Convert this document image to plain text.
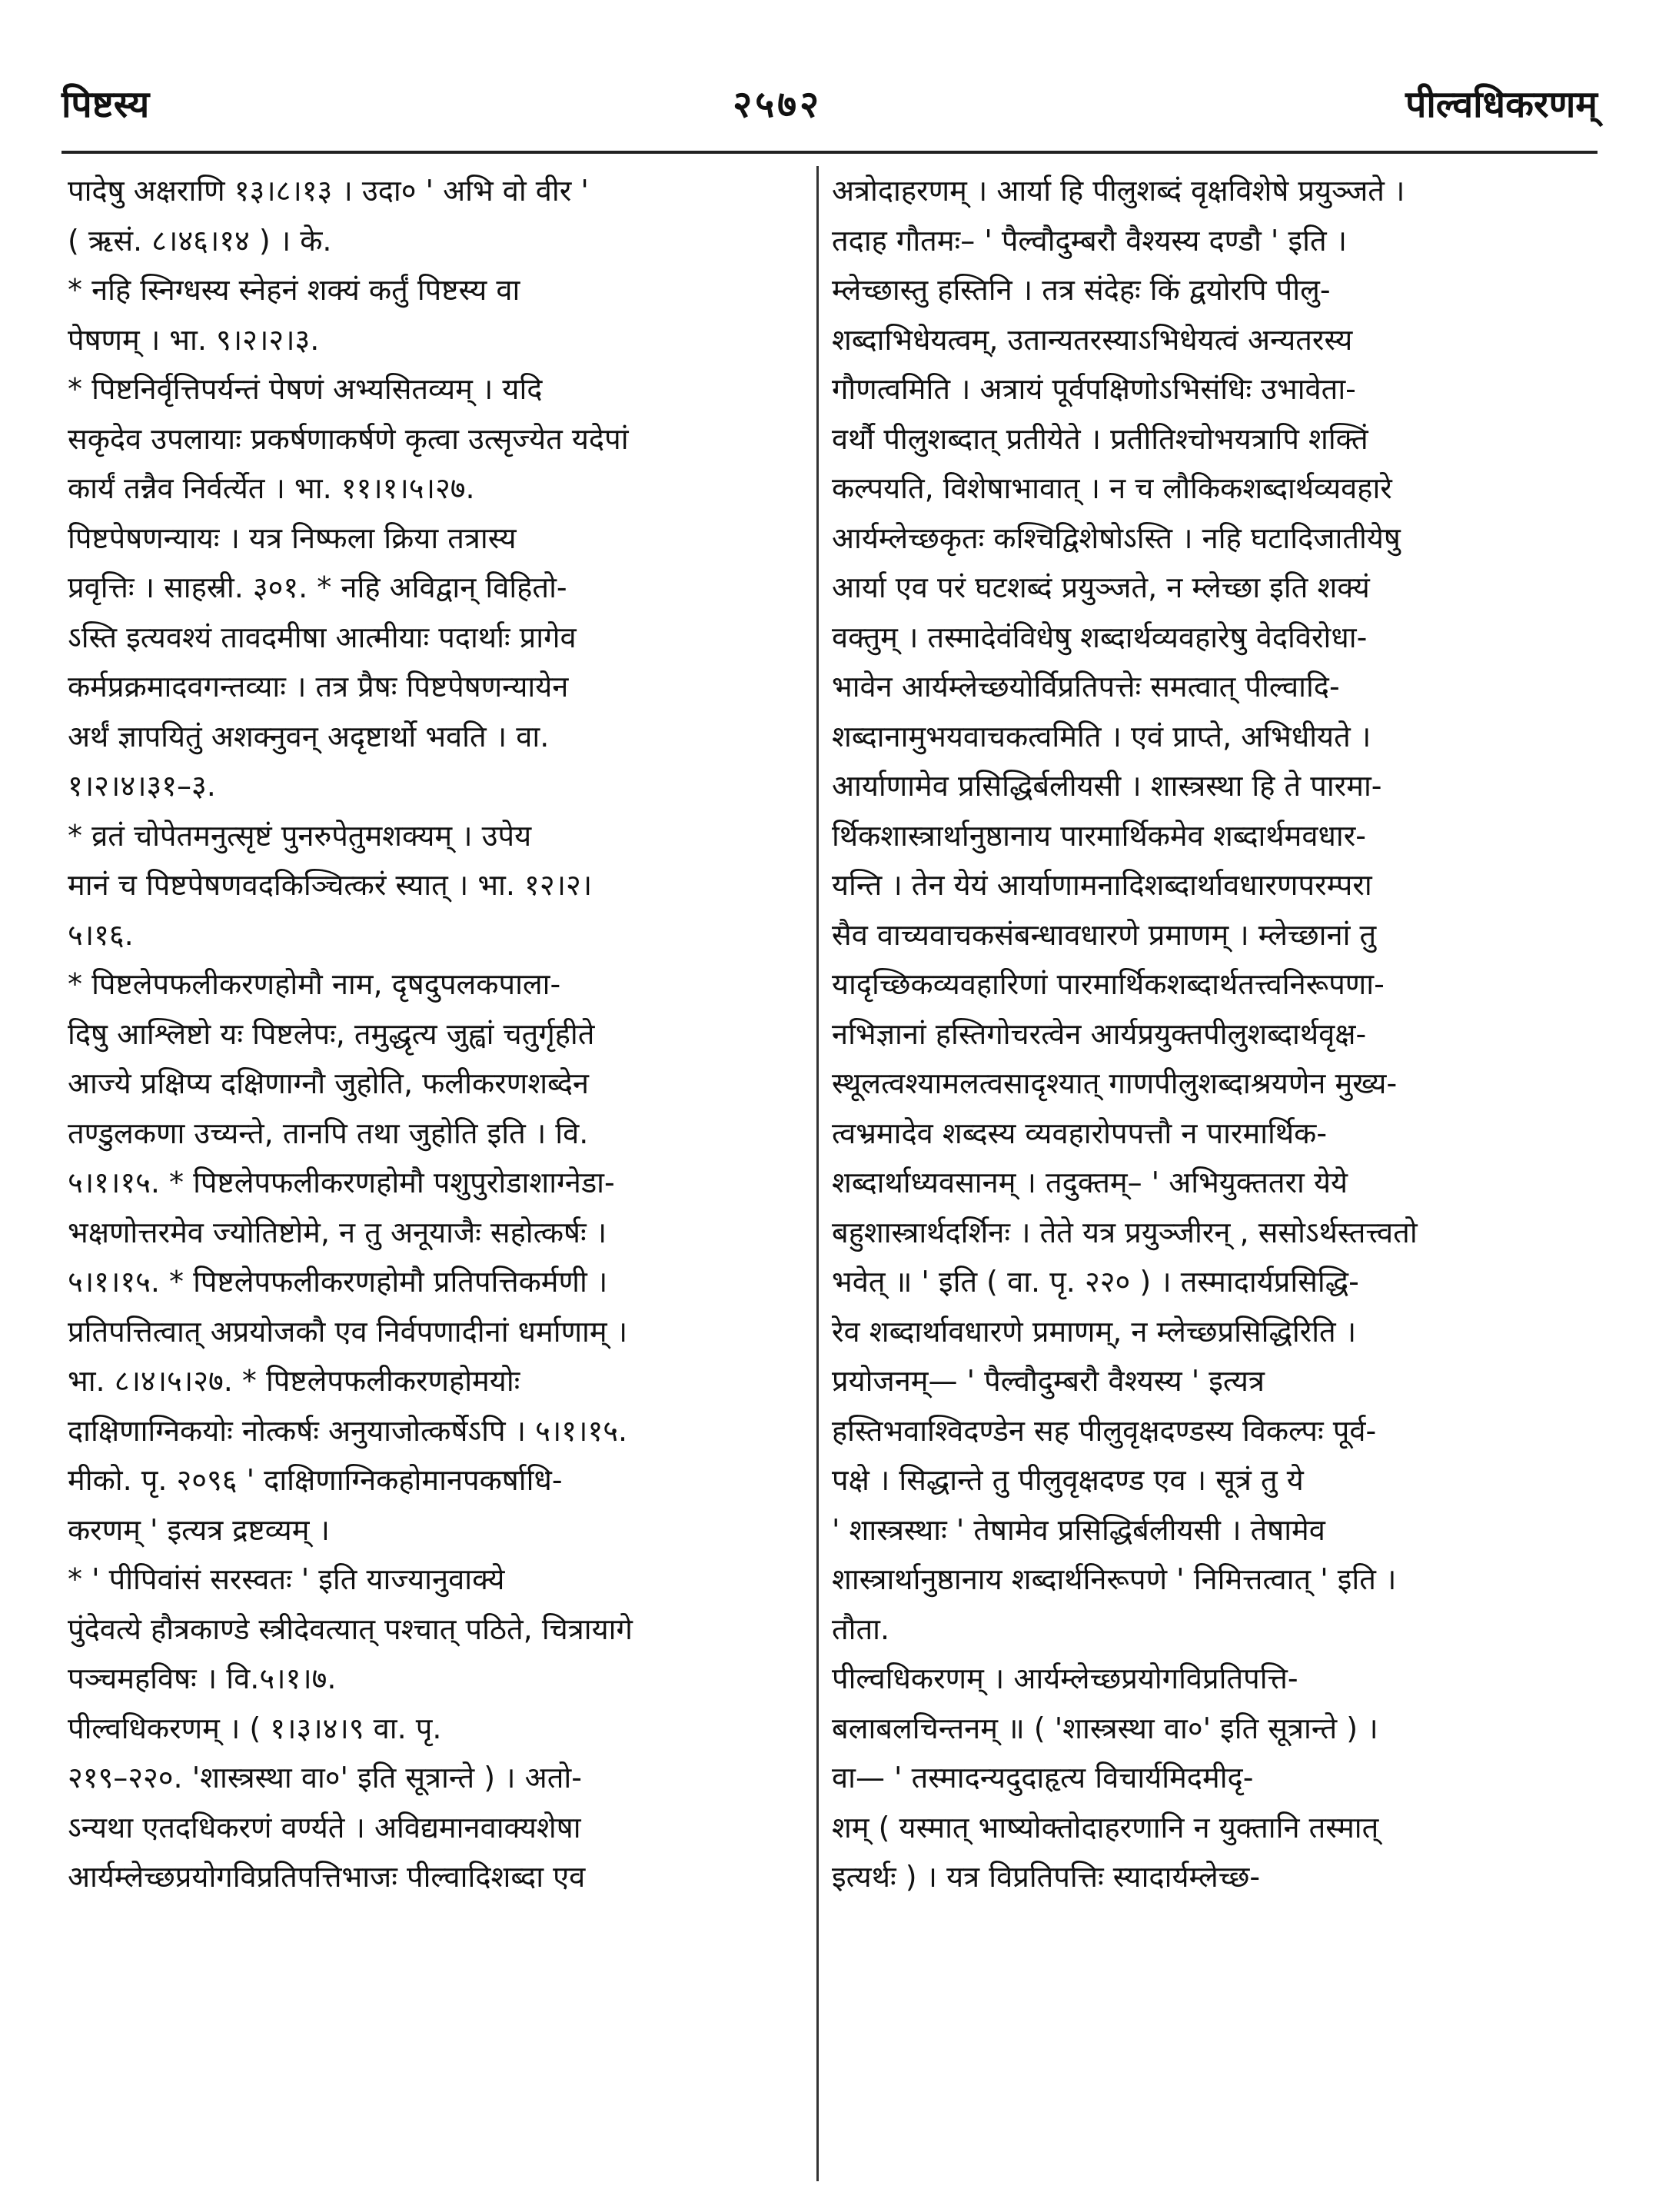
पिष्टस्य	२५७२	पील्वधिकरणम्

पादेषु अक्षराणि १३।८।१३ । उदा० ' अभि वो वीर '

( ऋसं. ८।४६।१४ ) । के.

* नहि स्निग्धस्य स्नेहनं शक्यं कर्तुं पिष्टस्य वा

पेषणम् । भा. ९।२।२।३.

* पिष्टनिर्वृत्तिपर्यन्तं पेषणं अभ्यसितव्यम् । यदि

सकृदेव उपलायाः प्रकर्षणाकर्षणे कृत्वा उत्सृज्येत यदेपां

कार्यं तन्नैव निर्वर्त्येत । भा. ११।१।५।२७.

पिष्टपेषणन्यायः । यत्र निष्फला क्रिया तत्रास्य

प्रवृत्तिः । साहस्री. ३०१. * नहि अविद्वान् विहितो-

ऽस्ति इत्यवश्यं तावदमीषा आत्मीयाः पदार्थाः प्रागेव

कर्मप्रक्रमादवगन्तव्याः । तत्र प्रैषः पिष्टपेषणन्यायेन

अर्थं ज्ञापयितुं अशक्नुवन् अदृष्टार्थो भवति । वा.

१।२।४।३१–३.

* व्रतं चोपेतमनुत्सृष्टं पुनरुपेतुमशक्यम् । उपेय

मानं च पिष्टपेषणवदकिञ्चित्करं स्यात् । भा. १२।२।

५।१६.

* पिष्टलेपफलीकरणहोमौ नाम, दृषदुपलकपाला-

दिषु आश्लिष्टो यः पिष्टलेपः, तमुद्धृत्य जुह्वां चतुर्गृहीते

आज्ये प्रक्षिप्य दक्षिणाग्नौ जुहोति, फलीकरणशब्देन

तण्डुलकणा उच्यन्ते, तानपि तथा जुहोति इति । वि.

५।१।१५. * पिष्टलेपफलीकरणहोमौ पशुपुरोडाशाग्नेडा-

भक्षणोत्तरमेव ज्योतिष्टोमे, न तु अनूयाजैः सहोत्कर्षः ।

५।१।१५. * पिष्टलेपफलीकरणहोमौ प्रतिपत्तिकर्मणी ।

प्रतिपत्तित्वात् अप्रयोजकौ एव निर्वपणादीनां धर्माणाम् ।

भा. ८।४।५।२७. * पिष्टलेपफलीकरणहोमयोः

दाक्षिणाग्निकयोः नोत्कर्षः अनुयाजोत्कर्षेऽपि । ५।१।१५.

मीको. पृ. २०९६ ' दाक्षिणाग्निकहोमानपकर्षाधि-

करणम् ' इत्यत्र द्रष्टव्यम् ।

* ' पीपिवांसं सरस्वतः ' इति याज्यानुवाक्ये

पुंदेवत्ये हौत्रकाण्डे स्त्रीदेवत्यात् पश्चात् पठिते, चित्रायागे

पञ्चमहविषः । वि.५।१।७.

पील्वधिकरणम् । ( १।३।४।९ वा. पृ.

२१९–२२०. 'शास्त्रस्था वा०' इति सूत्रान्ते ) । अतो-

ऽन्यथा एतदधिकरणं वर्ण्यते । अविद्यमानवाक्यशेषा

आर्यम्लेच्छप्रयोगविप्रतिपत्तिभाजः पील्वादिशब्दा एव

अत्रोदाहरणम् । आर्या हि पीलुशब्दं वृक्षविशेषे प्रयुञ्जते ।

तदाह गौतमः– ' पैल्वौदुम्बरौ वैश्यस्य दण्डौ ' इति ।

म्लेच्छास्तु हस्तिनि । तत्र संदेहः किं द्वयोरपि पीलु-

शब्दाभिधेयत्वम्, उतान्यतरस्याऽभिधेयत्वं अन्यतरस्य

गौणत्वमिति । अत्रायं पूर्वपक्षिणोऽभिसंधिः उभावेता-

वर्थौ पीलुशब्दात् प्रतीयेते । प्रतीतिश्चोभयत्रापि शक्तिं

कल्पयति, विशेषाभावात् । न च लौकिकशब्दार्थव्यवहारे

आर्यम्लेच्छकृतः कश्चिद्विशेषोऽस्ति । नहि घटादिजातीयेषु

आर्या एव परं घटशब्दं प्रयुञ्जते, न म्लेच्छा इति शक्यं

वक्तुम् । तस्मादेवंविधेषु शब्दार्थव्यवहारेषु वेदविरोधा-

भावेन आर्यम्लेच्छयोर्विप्रतिपत्तेः समत्वात् पील्वादि-

शब्दानामुभयवाचकत्वमिति । एवं प्राप्ते, अभिधीयते ।

आर्याणामेव प्रसिद्धिर्बलीयसी । शास्त्रस्था हि ते पारमा-

र्थिकशास्त्रार्थानुष्ठानाय पारमार्थिकमेव शब्दार्थमवधार-

यन्ति । तेन येयं आर्याणामनादिशब्दार्थावधारणपरम्परा

सैव वाच्यवाचकसंबन्धावधारणे प्रमाणम् । म्लेच्छानां तु

यादृच्छिकव्यवहारिणां पारमार्थिकशब्दार्थतत्त्वनिरूपणा-

नभिज्ञानां हस्तिगोचरत्वेन आर्यप्रयुक्तपीलुशब्दार्थवृक्ष-

स्थूलत्वश्यामलत्वसादृश्यात् गाणपीलुशब्दाश्रयणेन मुख्य-

त्वभ्रमादेव शब्दस्य व्यवहारोपपत्तौ न पारमार्थिक-

शब्दार्थाध्यवसानम् । तदुक्तम्– ' अभियुक्ततरा येये

बहुशास्त्रार्थदर्शिनः । तेते यत्र प्रयुञ्जीरन् , ससोऽर्थस्तत्त्वतो

भवेत् ॥ ' इति ( वा. पृ. २२० ) । तस्मादार्यप्रसिद्धि-

रेव शब्दार्थावधारणे प्रमाणम्, न म्लेच्छप्रसिद्धिरिति ।

प्रयोजनम्— ' पैल्वौदुम्बरौ वैश्यस्य ' इत्यत्र

हस्तिभवाश्विदण्डेन सह पीलुवृक्षदण्डस्य विकल्पः पूर्व-

पक्षे । सिद्धान्ते तु पीलुवृक्षदण्ड एव । सूत्रं तु ये

' शास्त्रस्थाः ' तेषामेव प्रसिद्धिर्बलीयसी । तेषामेव

शास्त्रार्थानुष्ठानाय शब्दार्थनिरूपणे ' निमित्तत्वात् ' इति ।

तौता.

पील्वधिकरणम् । आर्यम्लेच्छप्रयोगविप्रतिपत्ति-

बलाबलचिन्तनम् ॥ ( 'शास्त्रस्था वा०' इति सूत्रान्ते ) ।

वा— ' तस्मादन्यदुदाहृत्य विचार्यमिदमीदृ-

शम् ( यस्मात् भाष्योक्तोदाहरणानि न युक्तानि तस्मात्

इत्यर्थः ) । यत्र विप्रतिपत्तिः स्यादार्यम्लेच्छ-
